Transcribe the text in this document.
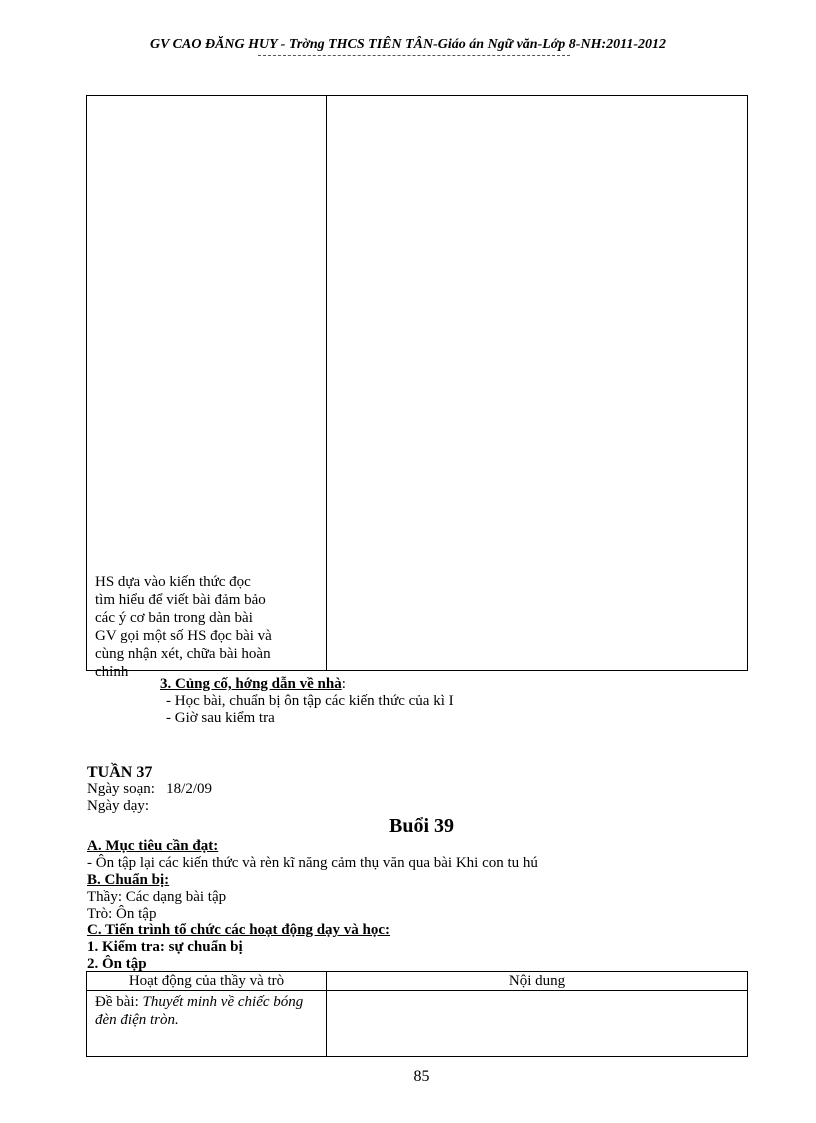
GV CAO ĐĂNG HUY - Trờng THCS TIÊN TÂN-Giáo án Ngữ văn-Lớp 8-NH:2011-2012
HS dựa vào kiến thức đọc
tìm hiểu để viết bài đảm bảo
các ý cơ bản trong dàn bài
GV gọi một số HS đọc bài và
cùng nhận xét, chữa bài hoàn
chỉnh
3. Củng cố, hớng dẫn về nhà:
- Học bài, chuẩn bị ôn tập các kiến thức của kì I
- Giờ sau kiểm tra
TUẦN 37
Ngày soạn: 18/2/09
Ngày dạy:
Buổi 39
A. Mục tiêu cần đạt:
- Ôn tập lại các kiến thức và rèn kĩ năng cảm thụ văn qua bài Khi con tu hú
B. Chuẩn bị:
Thầy: Các dạng bài tập
Trò: Ôn tập
C. Tiến trình tổ chức các hoạt động dạy và học:
1. Kiểm tra: sự chuẩn bị
2. Ôn tập
Hoạt động của thầy và trò	Nội dung
Đề bài: Thuyết minh về chiếc bóng đèn điện tròn.
85
